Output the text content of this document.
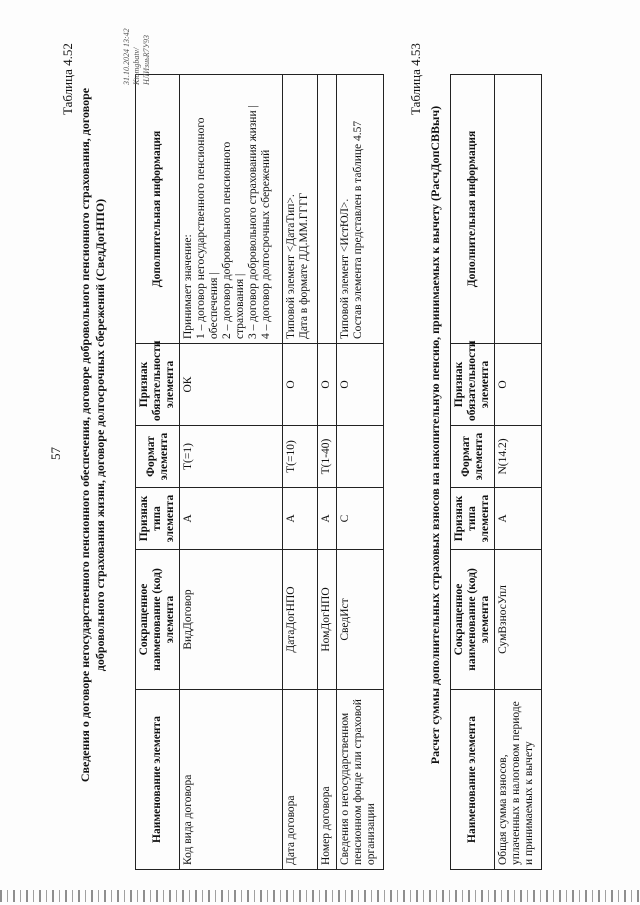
57
Таблица 4.52
Сведения о договоре негосударственного пенсионного обеспечения, договоре добровольного пенсионного страхования, договоре добровольного страхования жизни, договоре долгосрочных сбережений (СведДогНПО)
Наименование элемента	Сокращенное наименование (код) элемента	Признак типа элемента	Формат элемента	Признак обязательности элемента	Дополнительная информация
Код вида договора	ВидДоговор	А	T(=1)	ОК	Принимает значение: 1 – договор негосударственного пенсионного обеспечения | 2 – договор добровольного пенсионного страхования | 3 – договор добровольного страхования жизни | 4 – договор долгосрочных сбережений

Дата договора	ДатаДогНПО	А	T(=10)	О	Типовой элемент <ДатаТип>. Дата в формате ДД.ММ.ГГГГ

Номер договора	НомДогНПО	А	T(1-40)	О	
Сведения о негосударственном пенсионном фонде или страховой организации	СведИст	С		О	Типовой элемент <ИстЮЛ>. Состав элемента представлен в таблице 4.57
Таблица 4.53
Расчет суммы дополнительных страховых взносов на накопительную пенсию, принимаемых к вычету (РасчДопСВВыч)
Наименование элемента	Сокращенное наименование (код) элемента	Признак типа элемента	Формат элемента	Признак обязательности элемента	Дополнительная информация
Общая сумма взносов, уплаченных в налоговом периоде и принимаемых к вычету	СумВзносУпл	А	N(14.2)	О	
31.10.2024 13:42 Ktomgbatv/НЛИзиьR7У93
